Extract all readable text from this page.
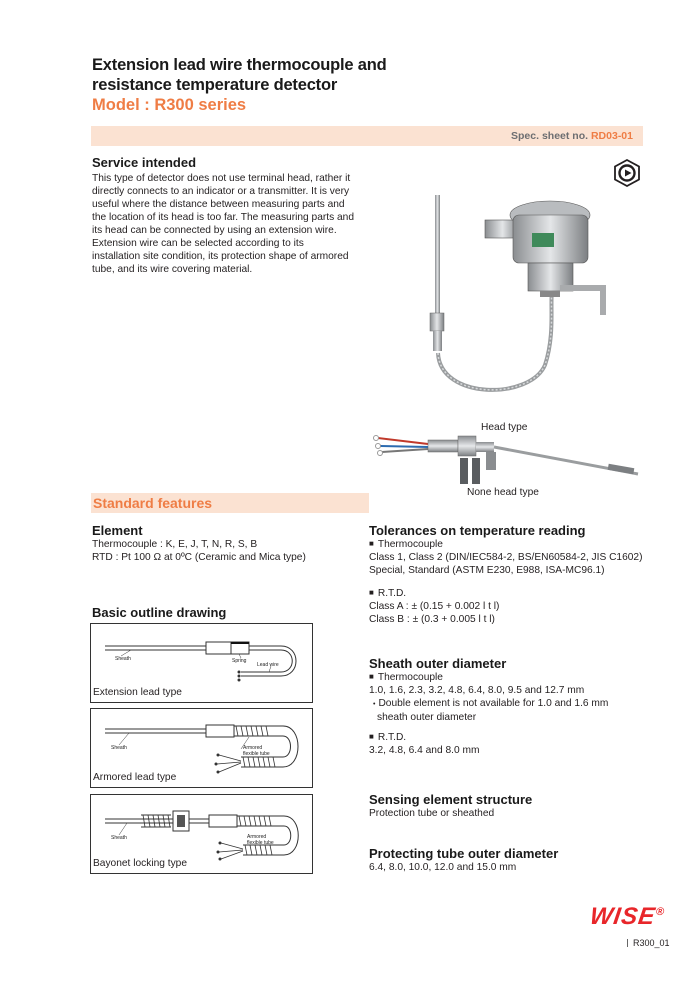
Extension lead wire thermocouple and
resistance temperature detector
Model : R300 series
Spec. sheet no. RD03-01
Service intended
This type of detector does not use terminal head, rather it
directly connects to an indicator or a transmitter. It is very
useful where the distance between measuring parts and
the location of its head is too far. The measuring parts and
its head can be connected by using an extension wire.
Extension wire can be selected according to its
installation site condition, its protection shape of armored
tube, and its wire covering material.
Head type
None head type
Standard features
Element
Thermocouple : K, E, J, T, N, R, S, B
RTD : Pt 100 Ω at 0ºC (Ceramic and Mica type)
Basic outline drawing
Sheath	Spring
Lead wire
Extension lead type
Sheath	Armored
flexible tube
Armored lead type
Sheath	Armored
flexible tube
Bayonet locking type
Tolerances on temperature reading
■ Thermocouple
Class 1, Class 2 (DIN/IEC584-2, BS/EN60584-2, JIS C1602)
Special, Standard (ASTM E230, E988, ISA-MC96.1)
■ R.T.D.
Class A : ± (0.15 + 0.002 l t l)
Class B : ± (0.3 + 0.005 l t l)
Sheath outer diameter
■ Thermocouple
1.0, 1.6, 2.3, 3.2, 4.8, 6.4, 8.0, 9.5 and 12.7 mm
• Double element is not available for 1.0 and 1.6 mm
sheath outer diameter
■ R.T.D.
3.2, 4.8, 6.4 and 8.0 mm
Sensing element structure
Protection tube or sheathed
Protecting tube outer diameter
6.4, 8.0, 10.0, 12.0 and 15.0 mm
WISE®
R300_01
